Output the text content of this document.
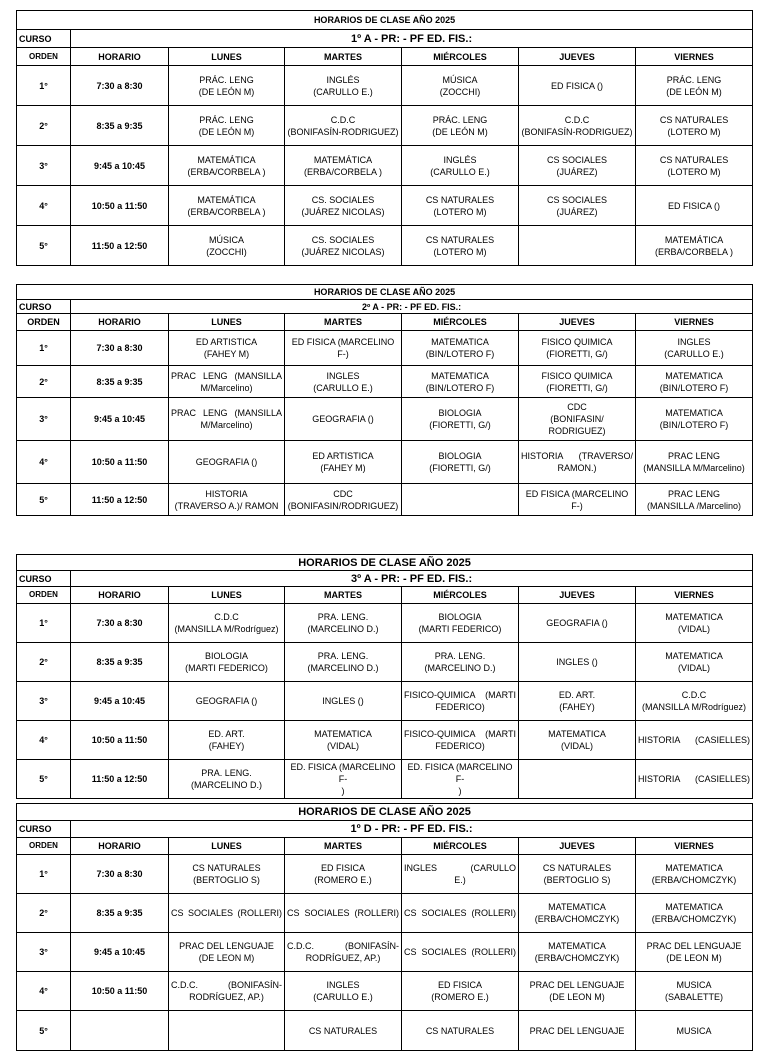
HORARIOS DE CLASE AÑO 2025						
CURSO	1º A - PR: - PF ED. FIS.:					
ORDEN	HORARIO	LUNES	MARTES	MIÉRCOLES	JUEVES	VIERNES
1°	7:30 a 8:30	PRÁC. LENG
(DE LEÓN M)	INGLÉS
(CARULLO E.)	MÚSICA
(ZOCCHI)	ED FISICA ()	PRÁC. LENG
(DE LEÓN M)

2°	8:35 a 9:35	PRÁC. LENG
(DE LEÓN M)	C.D.C
(BONIFASÍN-RODRIGUEZ)	PRÁC. LENG
(DE LEÓN M)	C.D.C
(BONIFASÍN-RODRIGUEZ)	CS NATURALES
(LOTERO M)

3°	9:45 a 10:45	MATEMÁTICA
(ERBA/CORBELA )	MATEMÁTICA
(ERBA/CORBELA )	INGLÉS
(CARULLO E.)	CS SOCIALES
(JUÁREZ)	CS NATURALES
(LOTERO M)

4°	10:50 a 11:50	MATEMÁTICA
(ERBA/CORBELA )	CS. SOCIALES
(JUÁREZ NICOLAS)	CS NATURALES
(LOTERO M)	CS SOCIALES
(JUÁREZ)	ED FISICA ()

5°	11:50 a 12:50	MÚSICA
(ZOCCHI)	CS. SOCIALES
(JUÁREZ NICOLAS)	CS NATURALES
(LOTERO M)		MATEMÁTICA
(ERBA/CORBELA )
HORARIOS DE CLASE AÑO 2025						
CURSO	2º A - PR: - PF ED. FIS.:					
ORDEN	HORARIO	LUNES	MARTES	MIÉRCOLES	JUEVES	VIERNES
1°	7:30 a 8:30	ED ARTISTICA
(FAHEY M)	ED FISICA (MARCELINO F-)	MATEMATICA
(BIN/LOTERO F)	FISICO QUIMICA
(FIORETTI, G/)	INGLES
(CARULLO E.)

2°	8:35 a 9:35	PRAC LENG (MANSILLA
M/Marcelino)	INGLES
(CARULLO E.)	MATEMATICA
(BIN/LOTERO F)	FISICO QUIMICA
(FIORETTI, G/)	MATEMATICA
(BIN/LOTERO F)

3°	9:45 a 10:45	PRAC LENG (MANSILLA
M/Marcelino)	GEOGRAFIA ()	BIOLOGIA
(FIORETTI, G/)	CDC
(BONIFASIN/ RODRIGUEZ)	MATEMATICA
(BIN/LOTERO F)

4°	10:50 a 11:50	GEOGRAFIA ()	ED ARTISTICA
(FAHEY M)	BIOLOGIA
(FIORETTI, G/)	HISTORIA (TRAVERSO/
RAMON.)	PRAC LENG
(MANSILLA M/Marcelino)

5°	11:50 a 12:50	HISTORIA
(TRAVERSO A.)/ RAMON	CDC
(BONIFASIN/RODRIGUEZ)		ED FISICA (MARCELINO F-)	PRAC LENG
(MANSILLA /Marcelino)
HORARIOS DE CLASE AÑO 2025						
CURSO	3º A - PR: - PF ED. FIS.:					
ORDEN	HORARIO	LUNES	MARTES	MIÉRCOLES	JUEVES	VIERNES
1°	7:30 a 8:30	C.D.C
(MANSILLA M/Rodríguez)	PRA. LENG.
(MARCELINO D.)	BIOLOGIA
(MARTI FEDERICO)	GEOGRAFIA ()	MATEMATICA
(VIDAL)

2°	8:35 a 9:35	BIOLOGIA
(MARTI FEDERICO)	PRA. LENG.
(MARCELINO D.)	PRA. LENG.
(MARCELINO D.)	INGLES ()	MATEMATICA
(VIDAL)

3°	9:45 a 10:45	GEOGRAFIA ()	INGLES ()	FISICO-QUIMICA (MARTI
FEDERICO)	ED. ART.
(FAHEY)	C.D.C
(MANSILLA M/Rodríguez)

4°	10:50 a 11:50	ED. ART.
(FAHEY)	MATEMATICA
(VIDAL)	FISICO-QUIMICA (MARTI
FEDERICO)	MATEMATICA
(VIDAL)	HISTORIA (CASIELLES)

5°	11:50 a 12:50	PRA. LENG.
(MARCELINO D.)	ED. FISICA (MARCELINO F-
)	ED. FISICA (MARCELINO F-
)		HISTORIA (CASIELLES)
HORARIOS DE CLASE AÑO 2025						
CURSO	1º D - PR: - PF ED. FIS.:					
ORDEN	HORARIO	LUNES	MARTES	MIÉRCOLES	JUEVES	VIERNES
1°	7:30 a 8:30	CS NATURALES
(BERTOGLIO S)	ED FISICA
(ROMERO E.)	INGLES (CARULLO
E.)	CS NATURALES
(BERTOGLIO S)	MATEMATICA
(ERBA/CHOMCZYK)

2°	8:35 a 9:35	CS SOCIALES (ROLLERI)	CS SOCIALES (ROLLERI)	CS SOCIALES (ROLLERI)	MATEMATICA
(ERBA/CHOMCZYK)	MATEMATICA
(ERBA/CHOMCZYK)

3°	9:45 a 10:45	PRAC DEL LENGUAJE
(DE LEON M)	C.D.C. (BONIFASÍN-
RODRÍGUEZ, AP.)	CS SOCIALES (ROLLERI)	MATEMATICA
(ERBA/CHOMCZYK)	PRAC DEL LENGUAJE
(DE LEON M)

4°	10:50 a 11:50	C.D.C. (BONIFASÍN-
RODRÍGUEZ, AP.)	INGLES
(CARULLO E.)	ED FISICA
(ROMERO E.)	PRAC DEL LENGUAJE
(DE LEON M)	MUSICA
(SABALETTE)

5°			CS NATURALES	CS NATURALES	PRAC DEL LENGUAJE	MUSICA
